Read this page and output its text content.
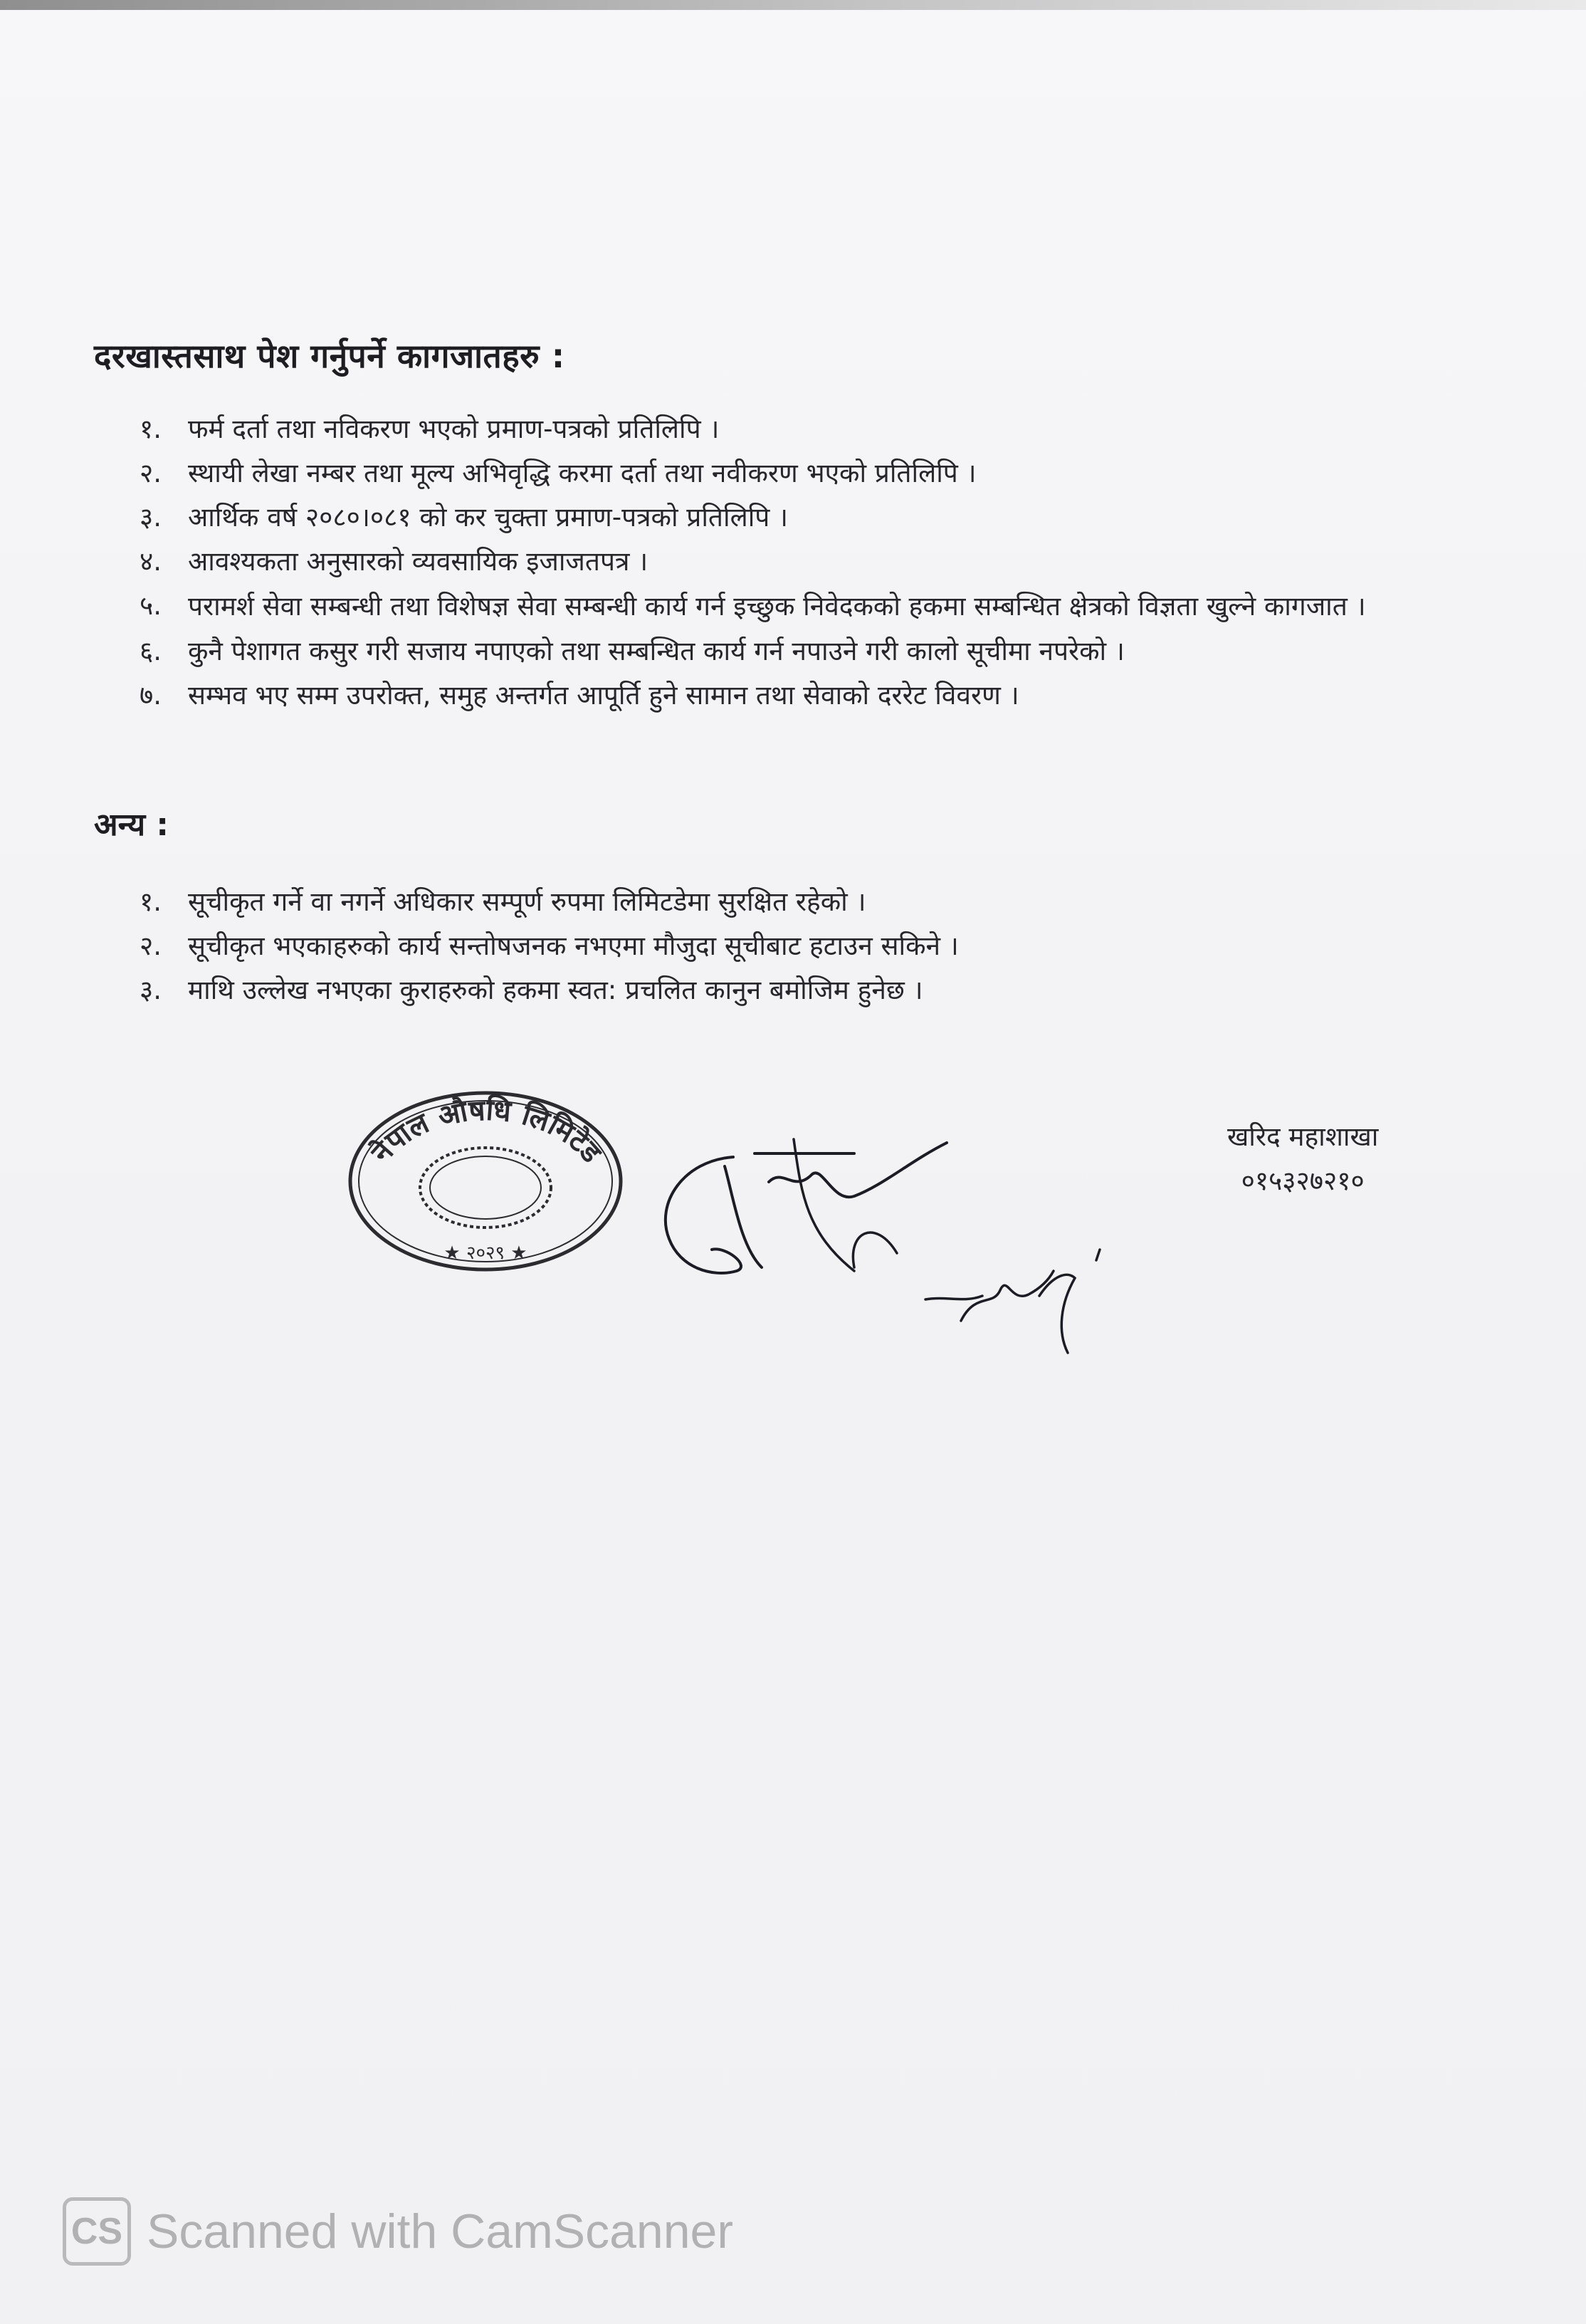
दरखास्तसाथ पेश गर्नुपर्ने कागजातहरु :
१. फर्म दर्ता तथा नविकरण भएको प्रमाण-पत्रको प्रतिलिपि ।
२. स्थायी लेखा नम्बर तथा मूल्य अभिवृद्धि करमा दर्ता तथा नवीकरण भएको प्रतिलिपि ।
३. आर्थिक वर्ष २०८०।०८१ को कर चुक्ता प्रमाण-पत्रको प्रतिलिपि ।
४. आवश्यकता अनुसारको व्यवसायिक इजाजतपत्र ।
५. परामर्श सेवा सम्बन्धी तथा विशेषज्ञ सेवा सम्बन्धी कार्य गर्न इच्छुक निवेदकको हकमा सम्बन्धित क्षेत्रको विज्ञता खुल्ने कागजात ।
६. कुनै पेशागत कसुर गरी सजाय नपाएको तथा सम्बन्धित कार्य गर्न नपाउने गरी कालो सूचीमा नपरेको ।
७. सम्भव भए सम्म उपरोक्त, समुह अन्तर्गत आपूर्ति हुने सामान तथा सेवाको दररेट विवरण ।
अन्य :
१. सूचीकृत गर्ने वा नगर्ने अधिकार सम्पूर्ण रुपमा लिमिटडेमा सुरक्षित रहेको ।
२. सूचीकृत भएकाहरुको कार्य सन्तोषजनक नभएमा मौजुदा सूचीबाट हटाउन सकिने ।
३. माथि उल्लेख नभएका कुराहरुको हकमा स्वत: प्रचलित कानुन बमोजिम हुनेछ ।
नेपाल औषधि लिमिटेड
★ २०२९ ★
खरिद महाशाखा
०१५३२७२१०
CS Scanned with CamScanner
